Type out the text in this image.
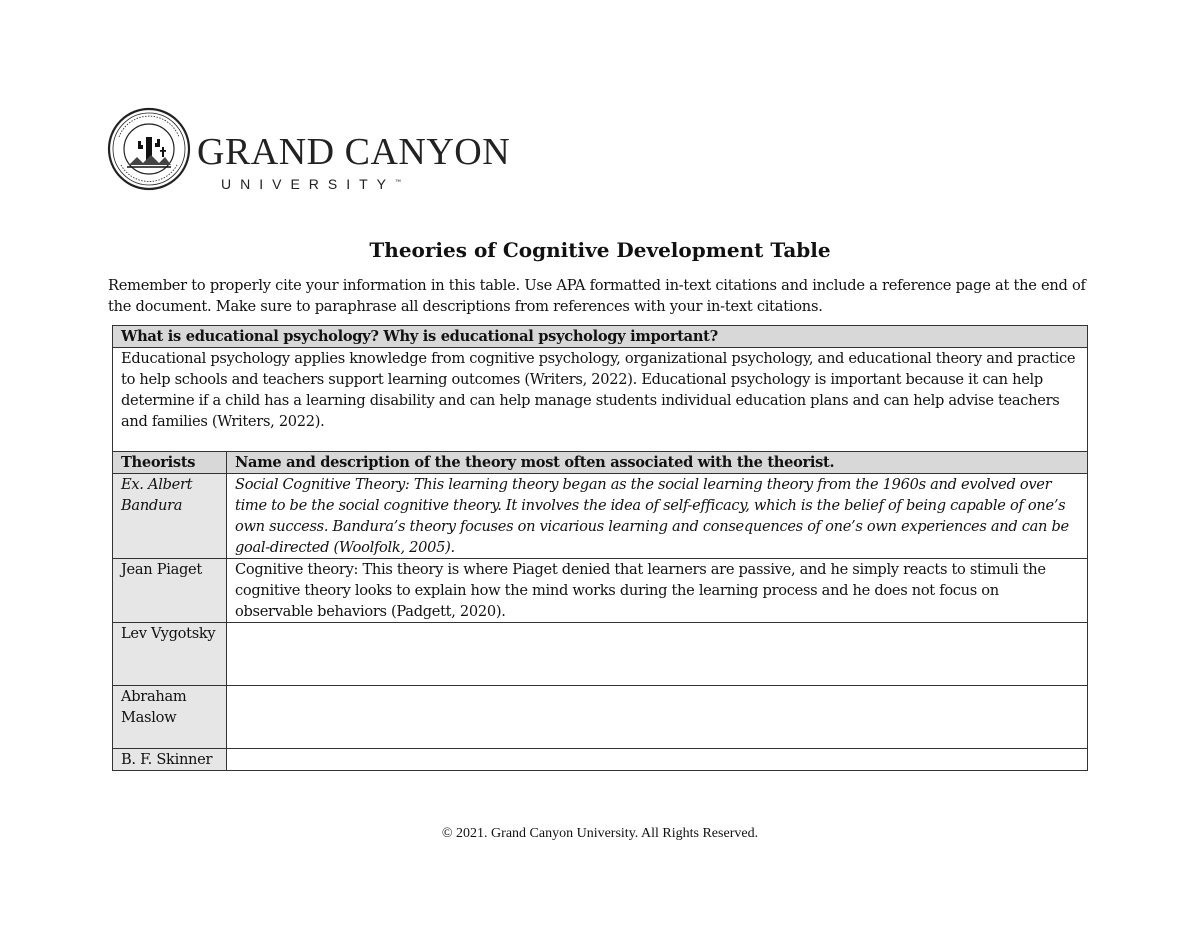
GRAND CANYON
UNIVERSITY™
Theories of Cognitive Development Table
Remember to properly cite your information in this table. Use APA formatted in-text citations and include a reference page at the end of the document. Make sure to paraphrase all descriptions from references with your in-text citations.
What is educational psychology? Why is educational psychology important?	
Educational psychology applies knowledge from cognitive psychology, organizational psychology, and educational theory and practice to help schools and teachers support learning outcomes (Writers, 2022). Educational psychology is important because it can help determine if a child has a learning disability and can help manage students individual education plans and can help advise teachers and families (Writers, 2022).	
Theorists	Name and description of the theory most often associated with the theorist.
Ex. Albert Bandura	Social Cognitive Theory: This learning theory began as the social learning theory from the 1960s and evolved over time to be the social cognitive theory. It involves the idea of self-efficacy, which is the belief of being capable of one’s own success. Bandura’s theory focuses on vicarious learning and consequences of one’s own experiences and can be goal-directed (Woolfolk, 2005).
Jean Piaget	Cognitive theory: This theory is where Piaget denied that learners are passive, and he simply reacts to stimuli the cognitive theory looks to explain how the mind works during the learning process and he does not focus on observable behaviors (Padgett, 2020).
Lev Vygotsky	
Abraham Maslow	
B. F. Skinner	
© 2021. Grand Canyon University. All Rights Reserved.
